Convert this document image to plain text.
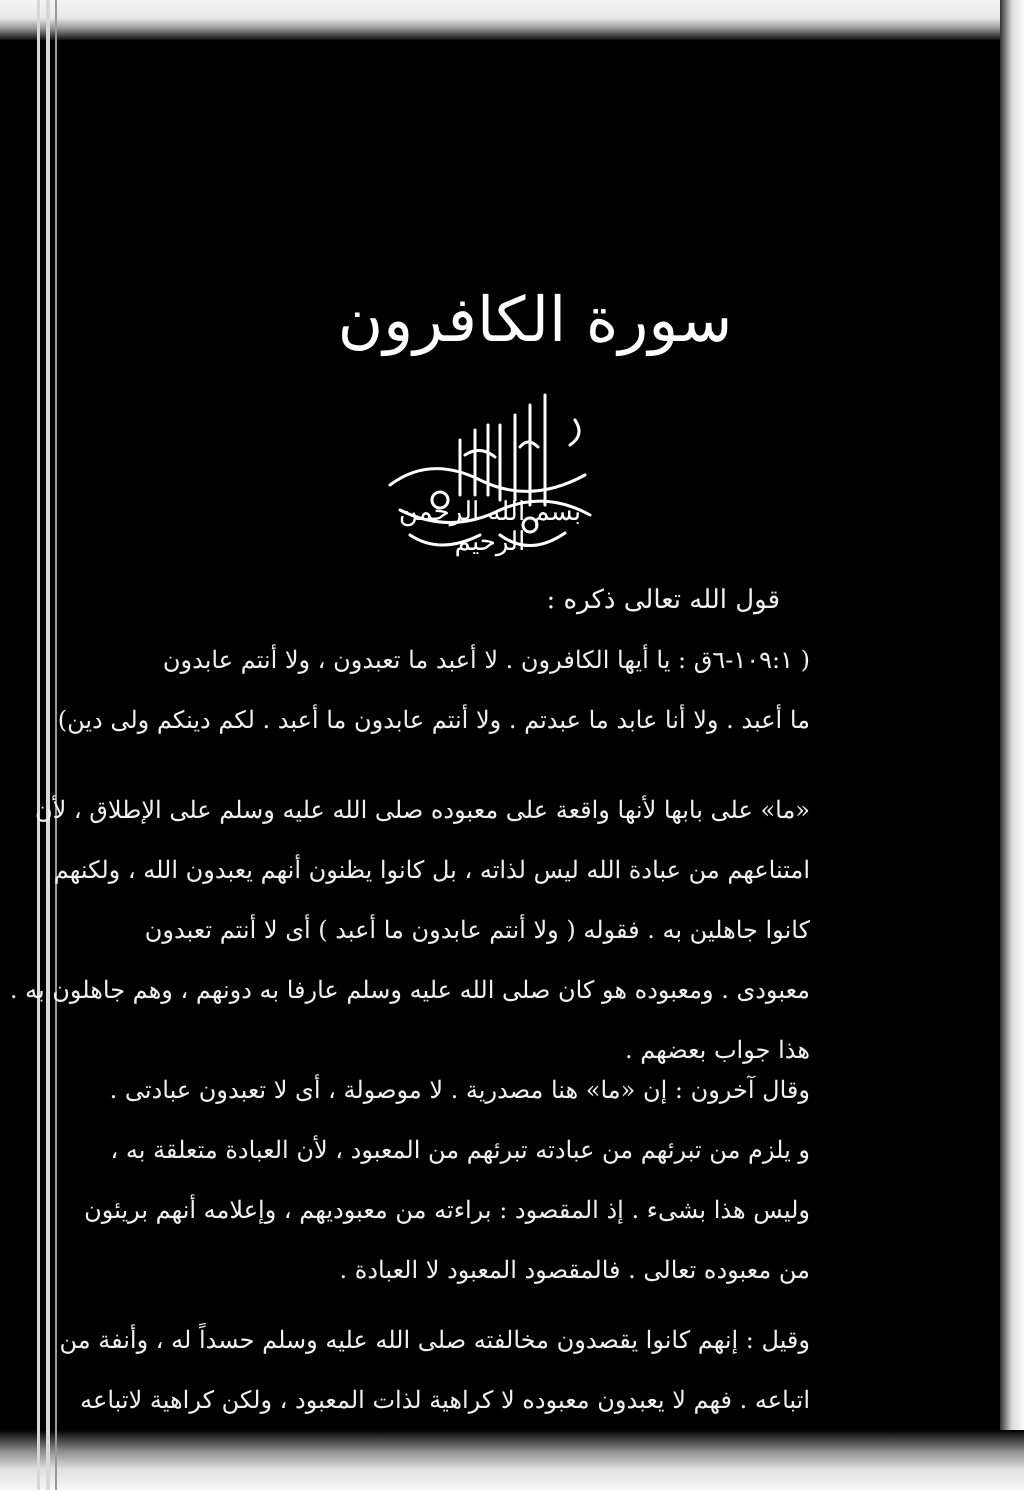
سورة الكافرون
بسم الله الرحمن الرحيم
قول الله تعالى ذكره :
( ١٠٩:١-٦ق : يا أيها الكافرون . لا أعبد ما تعبدون ، ولا أنتم عابدون
ما أعبد . ولا أنا عابد ما عبدتم . ولا أنتم عابدون ما أعبد . لكم دينكم ولى دين)
«ما» على بابها لأنها واقعة على معبوده صلى الله عليه وسلم على الإطلاق ، لأن
امتناعهم من عبادة الله ليس لذاته ، بل كانوا يظنون أنهم يعبدون الله ، ولكنهم
كانوا جاهلين به . فقوله ( ولا أنتم عابدون ما أعبد ) أى لا أنتم تعبدون
معبودى . ومعبوده هو كان صلى الله عليه وسلم عارفا به دونهم ، وهم جاهلون به .
هذا جواب بعضهم .
وقال آخرون : إن «ما» هنا مصدرية . لا موصولة ، أى لا تعبدون عبادتى .
و يلزم من تبرئهم من عبادته تبرئهم من المعبود ، لأن العبادة متعلقة به ،
وليس هذا بشىء . إذ المقصود : براءته من معبوديهم ، وإعلامه أنهم بريئون
من معبوده تعالى . فالمقصود المعبود لا العبادة .
وقيل : إنهم كانوا يقصدون مخالفته صلى الله عليه وسلم حسداً له ، وأنفة من
اتباعه . فهم لا يعبدون معبوده لا كراهية لذات المعبود ، ولكن كراهية لاتباعه
